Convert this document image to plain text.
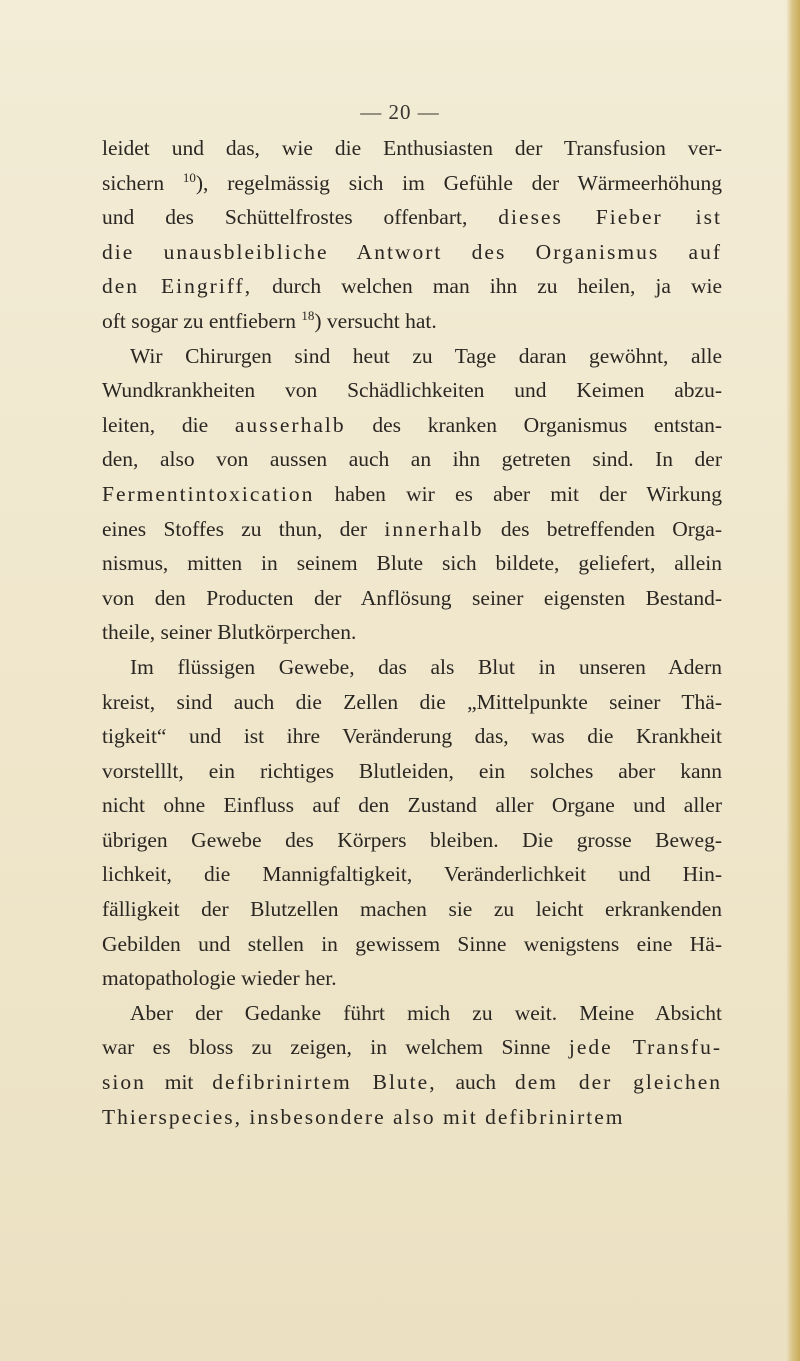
— 20 —
leidet und das, wie die Enthusiasten der Transfusion ver-
sichern $^{10}$), regelmässig sich im Gefühle der Wärmeerhöhung
und des Schüttelfrostes offenbart, dieses Fieber ist
die unausbleibliche Antwort des Organismus auf
den Eingriff, durch welchen man ihn zu heilen, ja wie
oft sogar zu entfiebern $^{18}$) versucht hat.
Wir Chirurgen sind heut zu Tage daran gewöhnt, alle
Wundkrankheiten von Schädlichkeiten und Keimen abzu-
leiten, die ausserhalb des kranken Organismus entstan-
den, also von aussen auch an ihn getreten sind. In der
Fermentintoxication haben wir es aber mit der Wirkung
eines Stoffes zu thun, der innerhalb des betreffenden Orga-
nismus, mitten in seinem Blute sich bildete, geliefert, allein
von den Producten der Anflösung seiner eigensten Bestand-
theile, seiner Blutkörperchen.
Im flüssigen Gewebe, das als Blut in unseren Adern
kreist, sind auch die Zellen die „Mittelpunkte seiner Thä-
tigkeit“ und ist ihre Veränderung das, was die Krankheit
vorstelllt, ein richtiges Blutleiden, ein solches aber kann
nicht ohne Einfluss auf den Zustand aller Organe und aller
übrigen Gewebe des Körpers bleiben. Die grosse Beweg-
lichkeit, die Mannigfaltigkeit, Veränderlichkeit und Hin-
fälligkeit der Blutzellen machen sie zu leicht erkrankenden
Gebilden und stellen in gewissem Sinne wenigstens eine Hä-
matopathologie wieder her.
Aber der Gedanke führt mich zu weit. Meine Absicht
war es bloss zu zeigen, in welchem Sinne jede Transfu-
sion mit defibrinirtem Blute, auch dem der gleichen
Thierspecies, insbesondere also mit defibrinirtem
